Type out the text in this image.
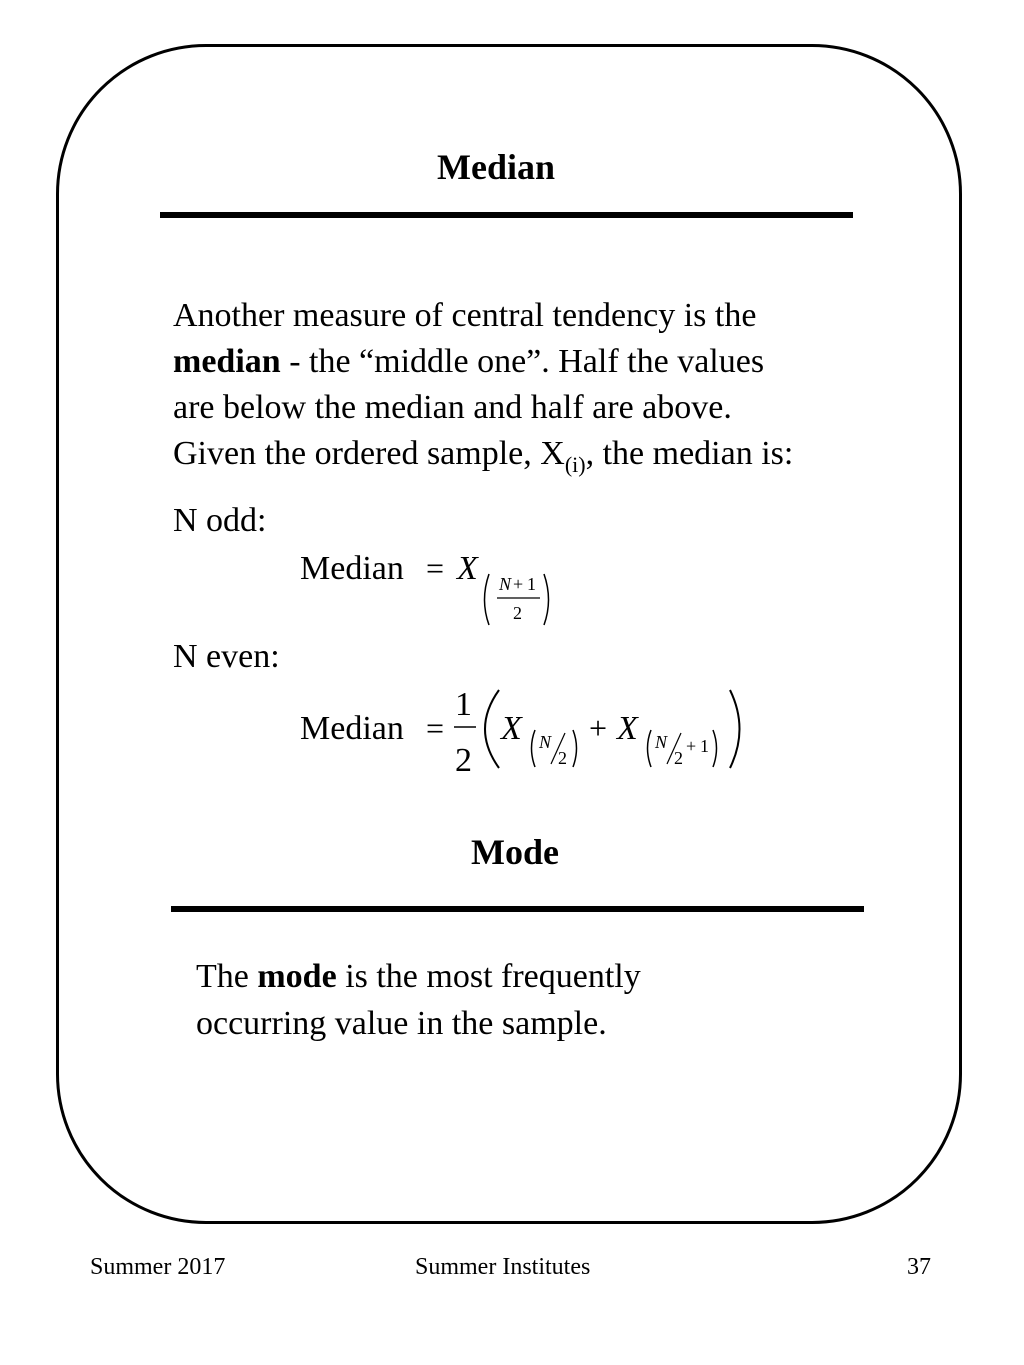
Median
Another measure of central tendency is the
median - the “middle one”. Half the values
are below the median and half are above.
Given the ordered sample, $X_{(i)}$, the median is:
N odd:
N even:
Median = X N + 1
2
Median =
1
2
X N
2
+ X N
2
+ 1
Mode
The mode is the most frequently
occurring value in the sample.
Summer 2017	Summer Institutes	37
